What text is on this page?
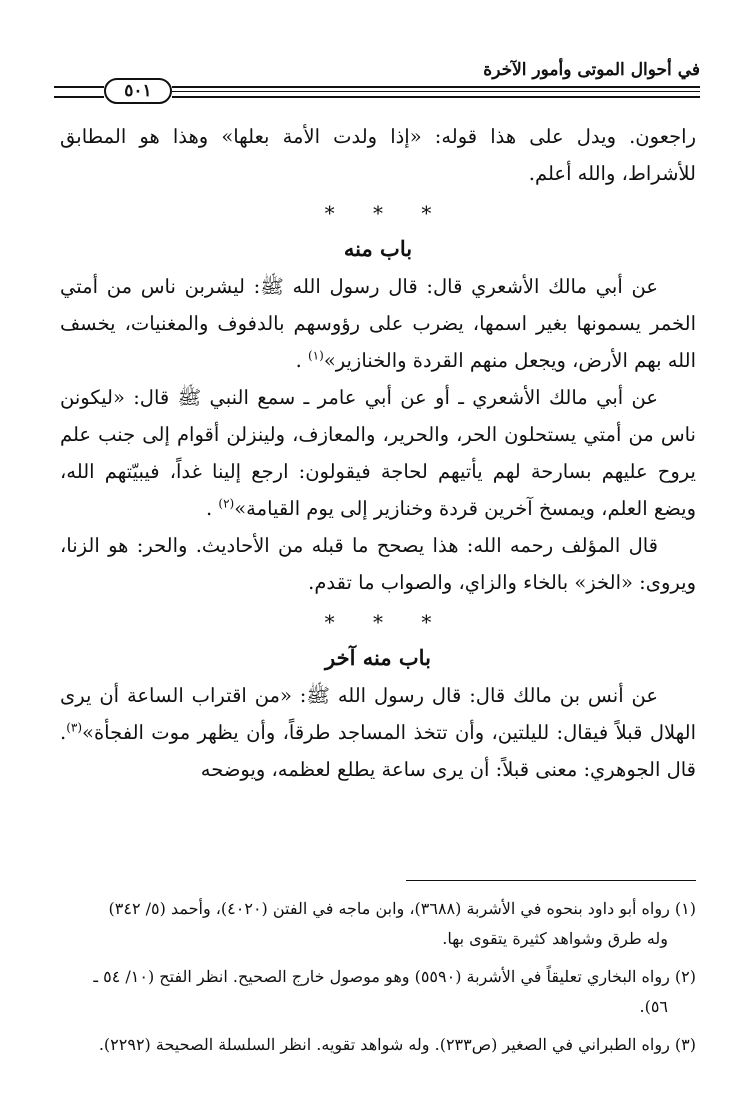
في أحوال الموتى وأمور الآخرة
٥٠١

راجعون. ويدل على هذا قوله: «إذا ولدت الأمة بعلها» وهذا هو المطابق للأشراط، والله أعلم.

* * *
باب منه

عن أبي مالك الأشعري قال: قال رسول الله ﷺ: ليشربن ناس من أمتي الخمر يسمونها بغير اسمها، يضرب على رؤوسهم بالدفوف والمغنيات، يخسف الله بهم الأرض، ويجعل منهم القردة والخنازير»$^{(١)}$ .

عن أبي مالك الأشعري ـ أو عن أبي عامر ـ سمع النبي ﷺ قال: «ليكونن ناس من أمتي يستحلون الحر، والحرير، والمعازف، ولينزلن أقوام إلى جنب علم يروح عليهم بسارحة لهم يأتيهم لحاجة فيقولون: ارجع إلينا غداً، فيبيّتهم الله، ويضع العلم، ويمسخ آخرين قردة وخنازير إلى يوم القيامة»$^{(٢)}$ .

قال المؤلف رحمه الله: هذا يصحح ما قبله من الأحاديث. والحر: هو الزنا، ويروى: «الخز» بالخاء والزاي، والصواب ما تقدم.

* * *
باب منه آخر

عن أنس بن مالك قال: قال رسول الله ﷺ: «من اقتراب الساعة أن يرى الهلال قبلاً فيقال: لليلتين، وأن تتخذ المساجد طرقاً، وأن يظهر موت الفجأة»$^{(٣)}$. قال الجوهري: معنى قبلاً: أن يرى ساعة يطلع لعظمه، ويوضحه

(١) رواه أبو داود بنحوه في الأشربة (٣٦٨٨)، وابن ماجه في الفتن (٤٠٢٠)، وأحمد (٥/ ٣٤٢)

وله طرق وشواهد كثيرة يتقوى بها.

(٢) رواه البخاري تعليقاً في الأشربة (٥٥٩٠) وهو موصول خارج الصحيح. انظر الفتح (١٠/ ٥٤ ـ

٥٦).

(٣) رواه الطبراني في الصغير (ص٢٣٣). وله شواهد تقويه. انظر السلسلة الصحيحة (٢٢٩٢).
